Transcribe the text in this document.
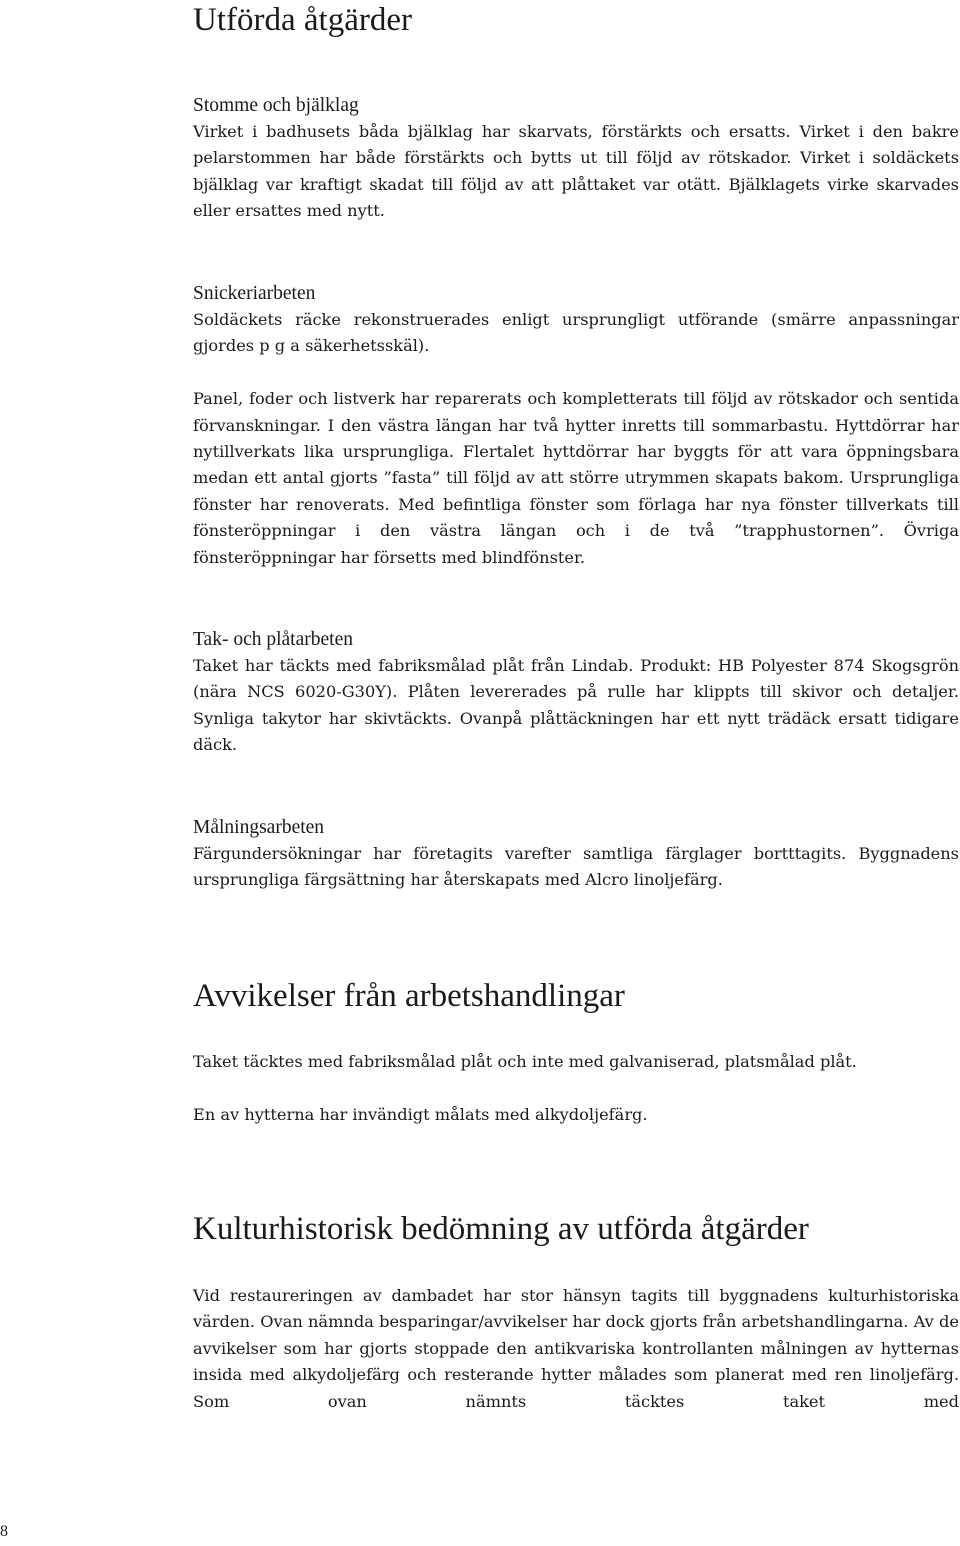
Utförda åtgärder
Stomme och bjälklag

Virket i badhusets båda bjälklag har skarvats, förstärkts och ersatts. Virket i den bakre pelarstommen har både förstärkts och bytts ut till följd av rötskador. Virket i soldäckets bjälklag var kraftigt skadat till följd av att plåttaket var otätt. Bjälklagets virke skarvades eller ersattes med nytt.

Snickeriarbeten

Soldäckets räcke rekonstruerades enligt ursprungligt utförande (smärre anpassningar gjordes p g a säkerhetsskäl).

Panel, foder och listverk har reparerats och kompletterats till följd av rötskador och sentida förvanskningar. I den västra längan har två hytter inretts till sommarbastu. Hyttdörrar har nytillverkats lika ursprungliga. Flertalet hyttdörrar har byggts för att vara öppningsbara medan ett antal gjorts ”fasta” till följd av att större utrymmen skapats bakom. Ursprungliga fönster har renoverats. Med befintliga fönster som förlaga har nya fönster tillverkats till fönsteröppningar i den västra längan och i de två ”trapphustornen”. Övriga fönsteröppningar har försetts med blindfönster.

Tak- och plåtarbeten

Taket har täckts med fabriksmålad plåt från Lindab. Produkt: HB Polyester 874 Skogsgrön (nära NCS 6020-G30Y). Plåten levererades på rulle har klippts till skivor och detaljer. Synliga takytor har skivtäckts. Ovanpå plåttäckningen har ett nytt trädäck ersatt tidigare däck.

Målningsarbeten

Färgundersökningar har företagits varefter samtliga färglager bortttagits. Byggnadens ursprungliga färgsättning har återskapats med Alcro linoljefärg.

Avvikelser från arbetshandlingar

Taket täcktes med fabriksmålad plåt och inte med galvaniserad, platsmålad plåt.

En av hytterna har invändigt målats med alkydoljefärg.

Kulturhistorisk bedömning av utförda åtgärder

Vid restaureringen av dambadet har stor hänsyn tagits till byggnadens kulturhistoriska värden. Ovan nämnda besparingar/avvikelser har dock gjorts från arbetshandlingarna. Av de avvikelser som har gjorts stoppade den antikvariska kontrollanten målningen av hytternas insida med alkydoljefärg och resterande hytter målades som planerat med ren linoljefärg. Som ovan nämnts täcktes taket med

8
